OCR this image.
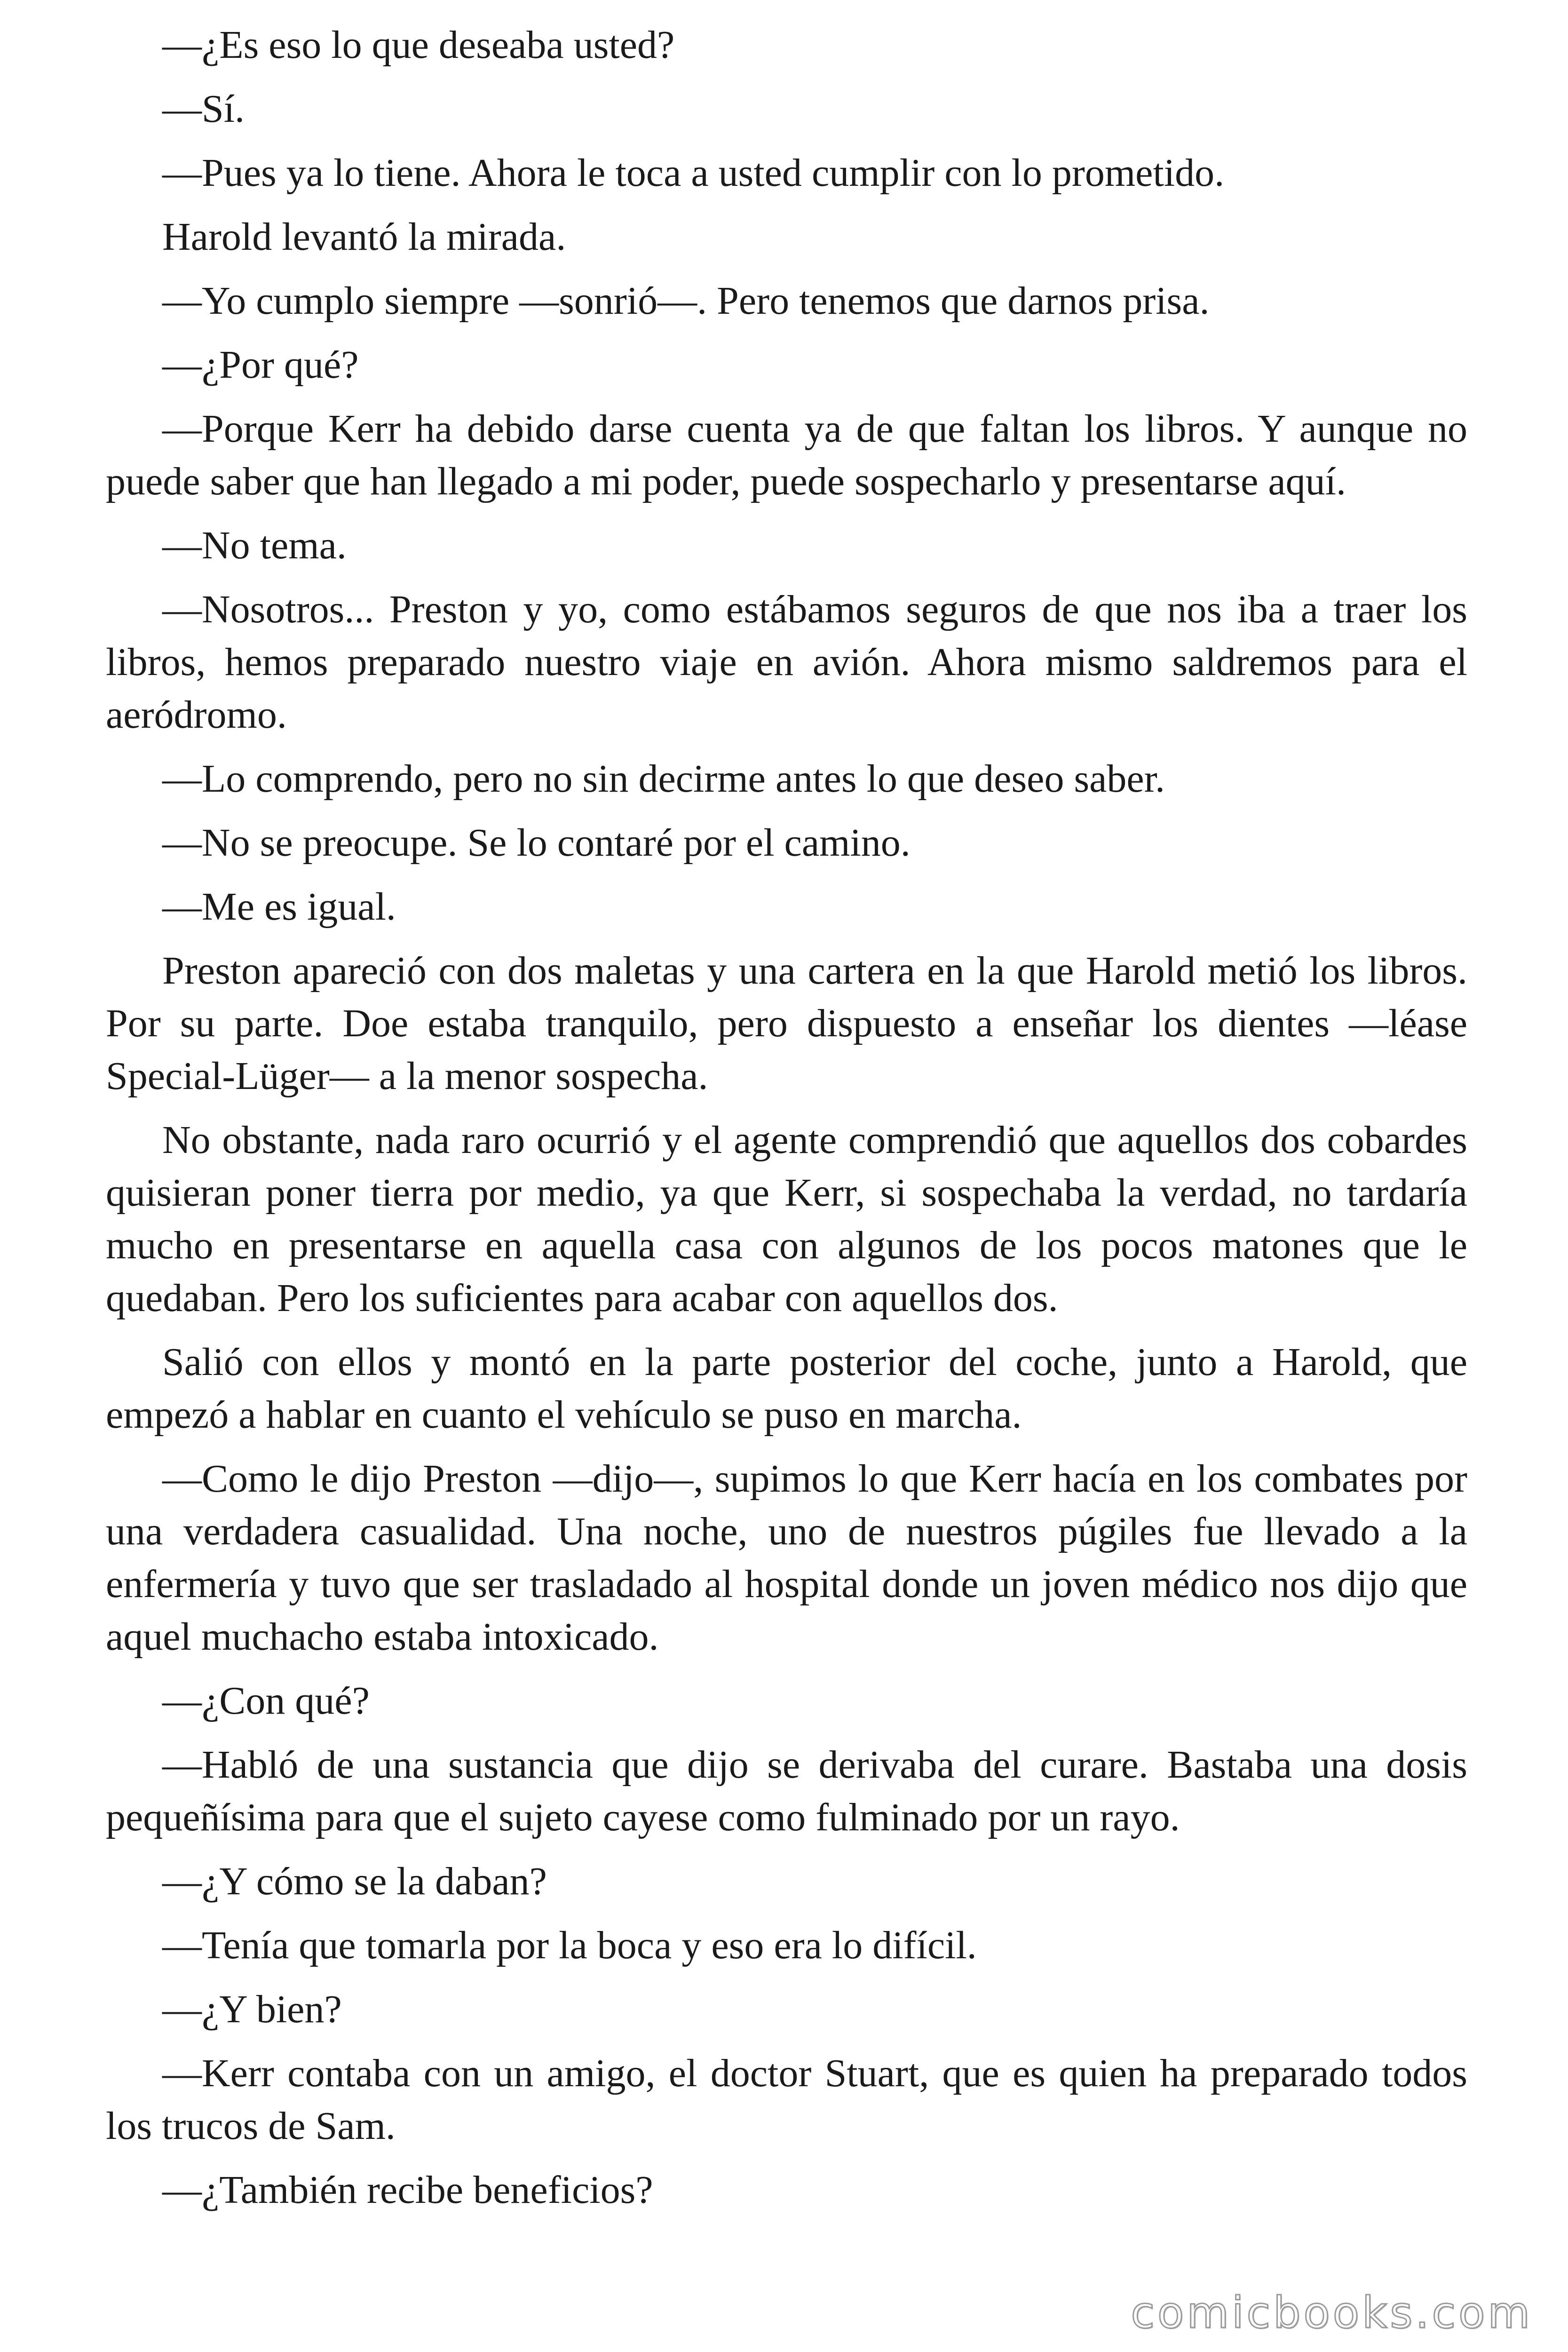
—¿Es eso lo que deseaba usted?

—Sí.

—Pues ya lo tiene. Ahora le toca a usted cumplir con lo prometido.

Harold levantó la mirada.

—Yo cumplo siempre —sonrió—. Pero tenemos que darnos prisa.

—¿Por qué?

—Porque Kerr ha debido darse cuenta ya de que faltan los libros. Y aunque no puede saber que han llegado a mi poder, puede sospecharlo y presentarse aquí.

—No tema.

—Nosotros... Preston y yo, como estábamos seguros de que nos iba a traer los libros, hemos preparado nuestro viaje en avión. Ahora mismo saldremos para el aeródromo.

—Lo comprendo, pero no sin decirme antes lo que deseo saber.

—No se preocupe. Se lo contaré por el camino.

—Me es igual.

Preston apareció con dos maletas y una cartera en la que Harold metió los libros. Por su parte. Doe estaba tranquilo, pero dispuesto a enseñar los dientes —léase Special-Lüger— a la menor sospecha.

No obstante, nada raro ocurrió y el agente comprendió que aquellos dos cobardes quisieran poner tierra por medio, ya que Kerr, si sospechaba la verdad, no tardaría mucho en presentarse en aquella casa con algunos de los pocos matones que le quedaban. Pero los suficientes para acabar con aquellos dos.

Salió con ellos y montó en la parte posterior del coche, junto a Harold, que empezó a hablar en cuanto el vehículo se puso en marcha.

—Como le dijo Preston —dijo—, supimos lo que Kerr hacía en los combates por una verdadera casualidad. Una noche, uno de nuestros púgiles fue llevado a la enfermería y tuvo que ser trasladado al hospital donde un joven médico nos dijo que aquel muchacho estaba intoxicado.

—¿Con qué?

—Habló de una sustancia que dijo se derivaba del curare. Bastaba una dosis pequeñísima para que el sujeto cayese como fulminado por un rayo.

—¿Y cómo se la daban?

—Tenía que tomarla por la boca y eso era lo difícil.

—¿Y bien?

—Kerr contaba con un amigo, el doctor Stuart, que es quien ha preparado todos los trucos de Sam.

—¿También recibe beneficios?

comicbooks.com
